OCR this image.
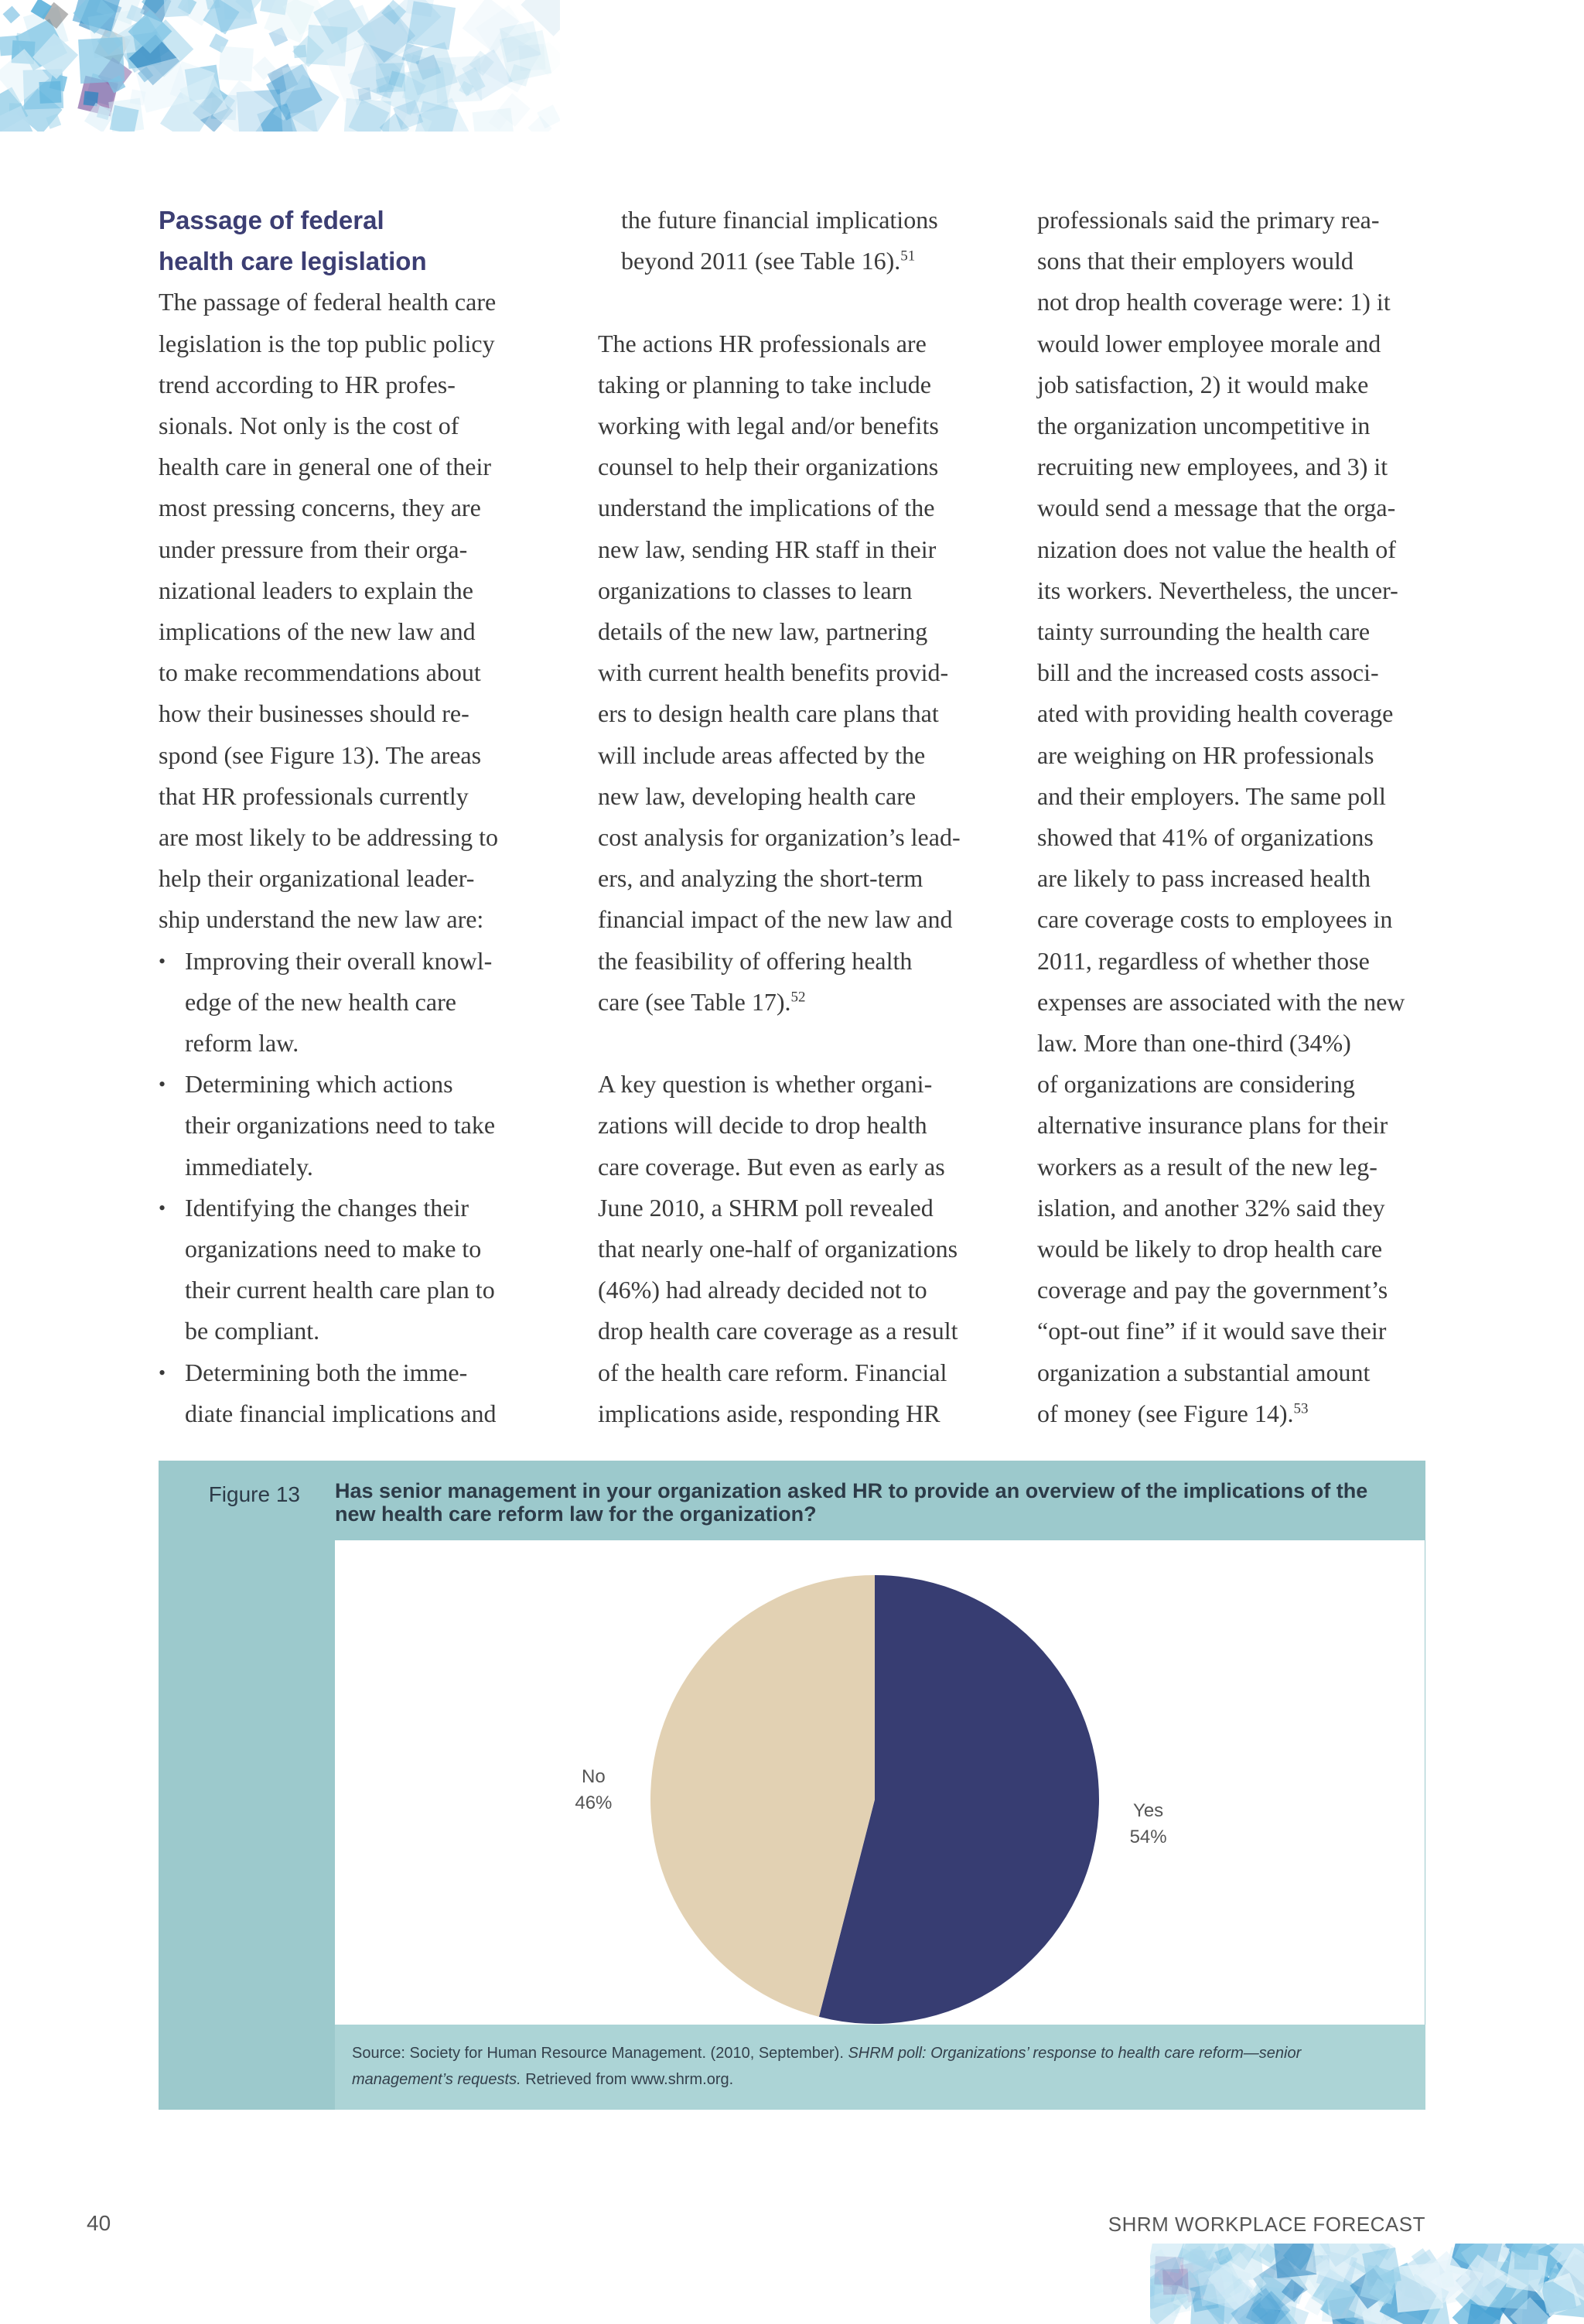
Passage of federal
health care legislation
The passage of federal health care
legislation is the top public policy
trend according to HR profes-
sionals. Not only is the cost of
health care in general one of their
most pressing concerns, they are
under pressure from their orga-
nizational leaders to explain the
implications of the new law and
to make recommendations about
how their businesses should re-
spond (see Figure 13). The areas
that HR professionals currently
are most likely to be addressing to
help their organizational leader-
ship understand the new law are:
• Improving their overall knowl-
edge of the new health care
reform law.
• Determining which actions
their organizations need to take
immediately.
• Identifying the changes their
organizations need to make to
their current health care plan to
be compliant.
• Determining both the imme-
diate financial implications and
the future financial implications
beyond 2011 (see Table 16).$^{51}$
The actions HR professionals are
taking or planning to take include
working with legal and/or benefits
counsel to help their organizations
understand the implications of the
new law, sending HR staff in their
organizations to classes to learn
details of the new law, partnering
with current health benefits provid-
ers to design health care plans that
will include areas affected by the
new law, developing health care
cost analysis for organization’s lead-
ers, and analyzing the short-term
financial impact of the new law and
the feasibility of offering health
care (see Table 17).$^{52}$
A key question is whether organi-
zations will decide to drop health
care coverage. But even as early as
June 2010, a SHRM poll revealed
that nearly one-half of organizations
(46%) had already decided not to
drop health care coverage as a result
of the health care reform. Financial
implications aside, responding HR
professionals said the primary rea-
sons that their employers would
not drop health coverage were: 1) it
would lower employee morale and
job satisfaction, 2) it would make
the organization uncompetitive in
recruiting new employees, and 3) it
would send a message that the orga-
nization does not value the health of
its workers. Nevertheless, the uncer-
tainty surrounding the health care
bill and the increased costs associ-
ated with providing health coverage
are weighing on HR professionals
and their employers. The same poll
showed that 41% of organizations
are likely to pass increased health
care coverage costs to employees in
2011, regardless of whether those
expenses are associated with the new
law. More than one-third (34%)
of organizations are considering
alternative insurance plans for their
workers as a result of the new leg-
islation, and another 32% said they
would be likely to drop health care
coverage and pay the government’s
“opt-out fine” if it would save their
organization a substantial amount
of money (see Figure 14).$^{53}$
Figure 13	Has senior management in your organization asked HR to provide an overview of the implications of the new health care reform law for the organization?
Yes
54%
No
46%
Source: Society for Human Resource Management. (2010, September). SHRM poll: Organizations’ response to health care reform—senior management’s requests. Retrieved from www.shrm.org.
40	SHRM WORKPLACE FORECAST
